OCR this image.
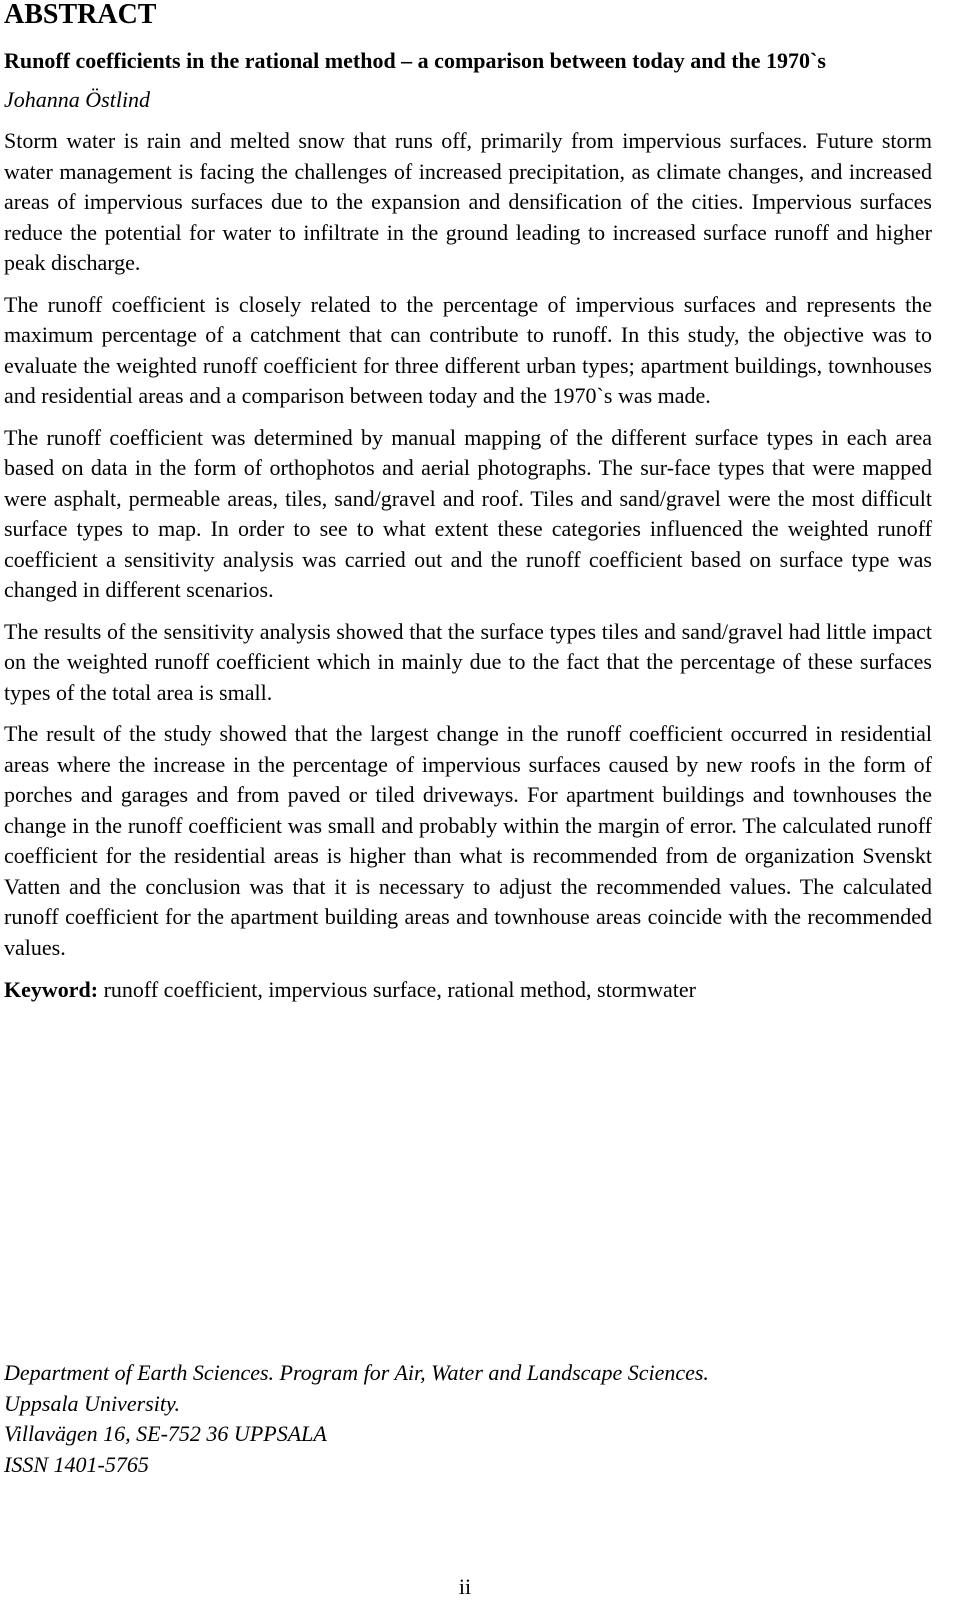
ABSTRACT
Runoff coefficients in the rational method – a comparison between today and the 1970`s
Johanna Östlind

Storm water is rain and melted snow that runs off, primarily from impervious surfaces. Future storm water management is facing the challenges of increased precipitation, as climate changes, and increased areas of impervious surfaces due to the expansion and densification of the cities. Impervious surfaces reduce the potential for water to infiltrate in the ground leading to increased surface runoff and higher peak discharge.

The runoff coefficient is closely related to the percentage of impervious surfaces and represents the maximum percentage of a catchment that can contribute to runoff. In this study, the objective was to evaluate the weighted runoff coefficient for three different urban types; apartment buildings, townhouses and residential areas and a comparison between today and the 1970`s was made.

The runoff coefficient was determined by manual mapping of the different surface types in each area based on data in the form of orthophotos and aerial photographs. The sur-face types that were mapped were asphalt, permeable areas, tiles, sand/gravel and roof. Tiles and sand/gravel were the most difficult surface types to map. In order to see to what extent these categories influenced the weighted runoff coefficient a sensitivity analysis was carried out and the runoff coefficient based on surface type was changed in different scenarios.

The results of the sensitivity analysis showed that the surface types tiles and sand/gravel had little impact on the weighted runoff coefficient which in mainly due to the fact that the percentage of these surfaces types of the total area is small.

The result of the study showed that the largest change in the runoff coefficient occurred in residential areas where the increase in the percentage of impervious surfaces caused by new roofs in the form of porches and garages and from paved or tiled driveways. For apartment buildings and townhouses the change in the runoff coefficient was small and probably within the margin of error. The calculated runoff coefficient for the residential areas is higher than what is recommended from de organization Svenskt Vatten and the conclusion was that it is necessary to adjust the recommended values. The calculated runoff coefficient for the apartment building areas and townhouse areas coincide with the recommended values.

Keyword: runoff coefficient, impervious surface, rational method, stormwater

Department of Earth Sciences. Program for Air, Water and Landscape Sciences.
Uppsala University.
Villavägen 16, SE-752 36 UPPSALA
ISSN 1401-5765
ii
